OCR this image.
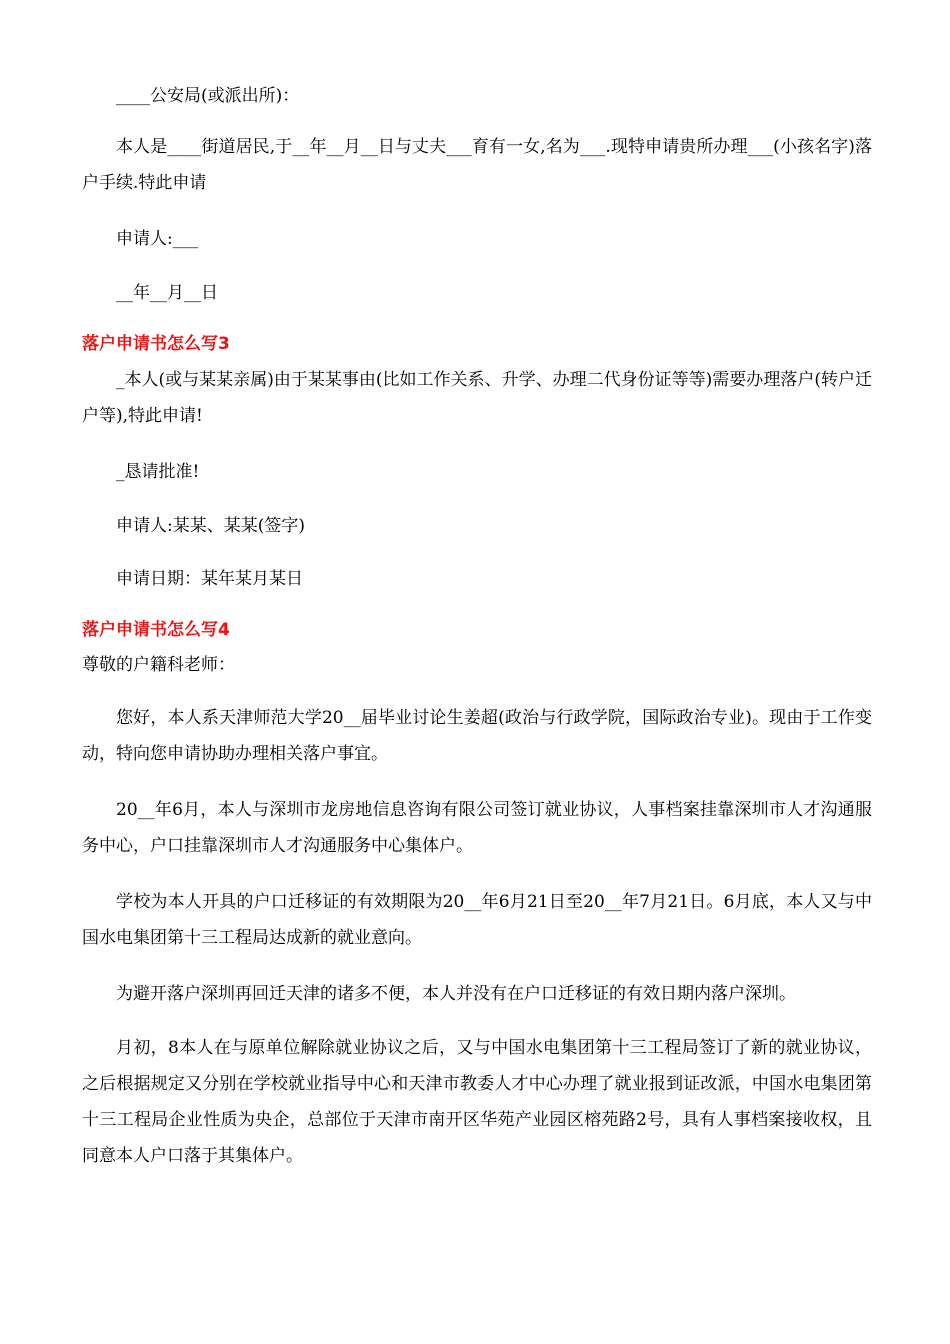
____公安局(或派出所)：

本人是____街道居民,于__年__月__日与丈夫___育有一女,名为___.现特申请贵所办理___(小孩名字)落户手续.特此申请

申请人:___

__年__月__日

落户申请书怎么写3

_本人(或与某某亲属)由于某某事由(比如工作关系、升学、办理二代身份证等等)需要办理落户(转户迁户等),特此申请!

_恳请批准!

申请人:某某、某某(签字)

申请日期：某年某月某日

落户申请书怎么写4

尊敬的户籍科老师：

您好，本人系天津师范大学20__届毕业讨论生姜超(政治与行政学院，国际政治专业)。现由于工作变动，特向您申请协助办理相关落户事宜。

20__年6月，本人与深圳市龙房地信息咨询有限公司签订就业协议，人事档案挂靠深圳市人才沟通服务中心，户口挂靠深圳市人才沟通服务中心集体户。

学校为本人开具的户口迁移证的有效期限为20__年6月21日至20__年7月21日。6月底，本人又与中国水电集团第十三工程局达成新的就业意向。

为避开落户深圳再回迁天津的诸多不便，本人并没有在户口迁移证的有效日期内落户深圳。

月初，8本人在与原单位解除就业协议之后，又与中国水电集团第十三工程局签订了新的就业协议，之后根据规定又分别在学校就业指导中心和天津市教委人才中心办理了就业报到证改派，中国水电集团第十三工程局企业性质为央企，总部位于天津市南开区华苑产业园区榕苑路2号，具有人事档案接收权，且同意本人户口落于其集体户。
